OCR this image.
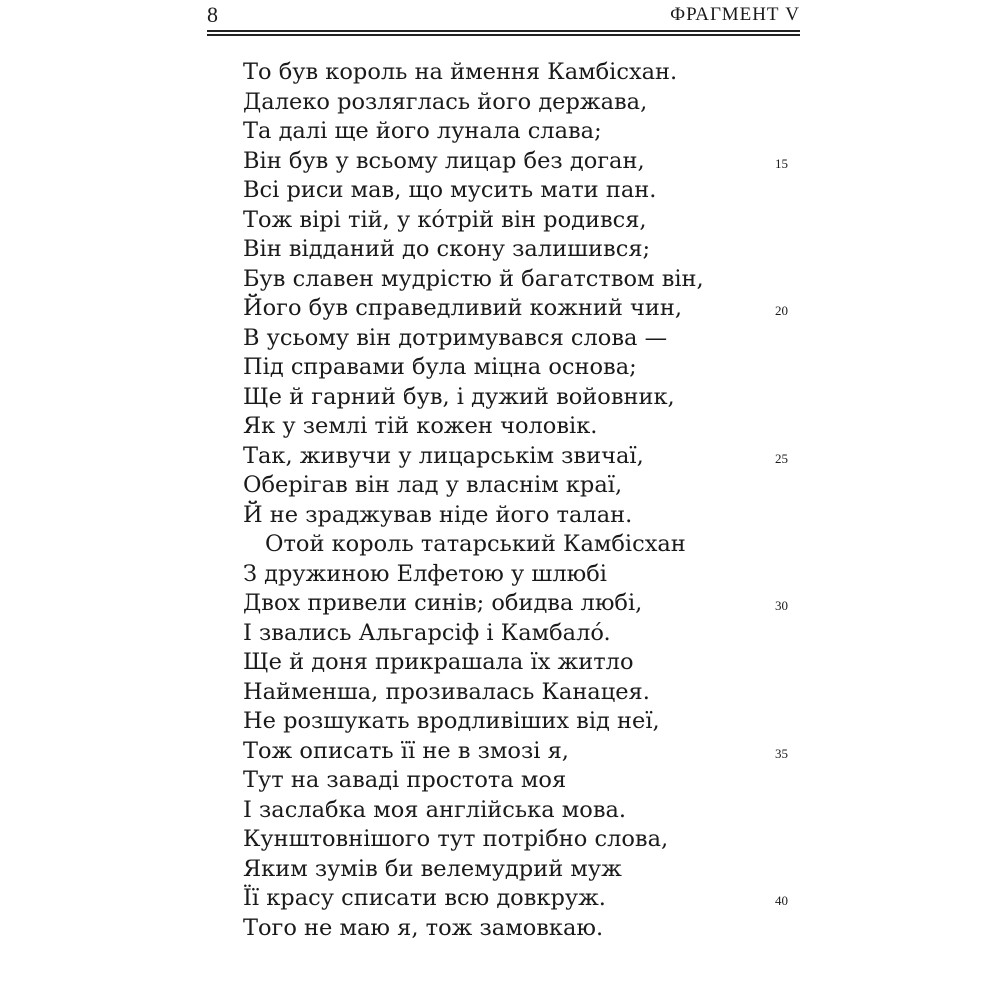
8	ФРАГМЕНТ V
То був король на ймення Камбісхан.
Далеко розляглась його держава,
Та далі ще його лунала слава;
Він був у всьому лицар без доган,	15
Всі риси мав, що мусить мати пан.
Тож вірі тій, у кóтрій він родився,
Він відданий до скону залишився;
Був славен мудрістю й багатством він,
Його був справедливий кожний чин,	20
В усьому він дотримувався слова —
Під справами була міцна основа;
Ще й гарний був, і дужий войовник,
Як у землі тій кожен чоловік.
Так, живучи у лицарськім звичаї,	25
Оберігав він лад у власнім краї,
Й не зраджував ніде його талан.
Отой король татарський Камбісхан
З дружиною Елфетою у шлюбі
Двох привели синів; обидва любі,	30
І звались Альгарсіф і Камбалó.
Ще й доня прикрашала їх житло
Найменша, прозивалась Канацея.
Не розшукать вродливіших від неї,
Тож описать її не в змозі я,	35
Тут на заваді простота моя
І заслабка моя англійська мова.
Кунштовнішого тут потрібно слова,
Яким зумів би велемудрий муж
Її красу списати всю довкруж.	40
Того не маю я, тож замовкаю.
